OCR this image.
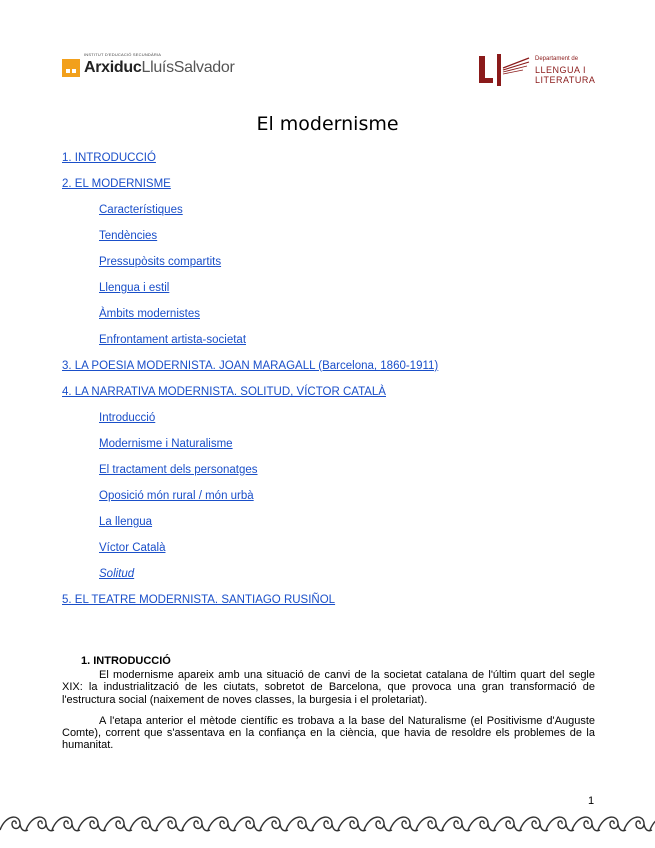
INSTITUT D'EDUCACIÓ SECUNDÀRIA
ArxiducLluísSalvador	Departament de
LLENGUA I
LITERATURA
El modernisme
1. INTRODUCCIÓ
2. EL MODERNISME
Característiques
Tendències
Pressupòsits compartits
Llengua i estil
Àmbits modernistes
Enfrontament artista-societat
3. LA POESIA MODERNISTA. JOAN MARAGALL (Barcelona, 1860-1911)
4. LA NARRATIVA MODERNISTA. SOLITUD, VÍCTOR CATALÀ
Introducció
Modernisme i Naturalisme
El tractament dels personatges
Oposició món rural / món urbà
La llengua
Víctor Català
Solitud
5. EL TEATRE MODERNISTA. SANTIAGO RUSIÑOL
1. INTRODUCCIÓ

El modernisme apareix amb una situació de canvi de la societat catalana de l'últim quart del segle XIX: la industrialització de les ciutats, sobretot de Barcelona, que provoca una gran transformació de l'estructura social (naixement de noves classes, la burgesia i el proletariat).

A l'etapa anterior el mètode científic es trobava a la base del Naturalisme (el Positivisme d'Auguste Comte), corrent que s'assentava en la confiança en la ciència, que havia de resoldre els problemes de la humanitat.

1
